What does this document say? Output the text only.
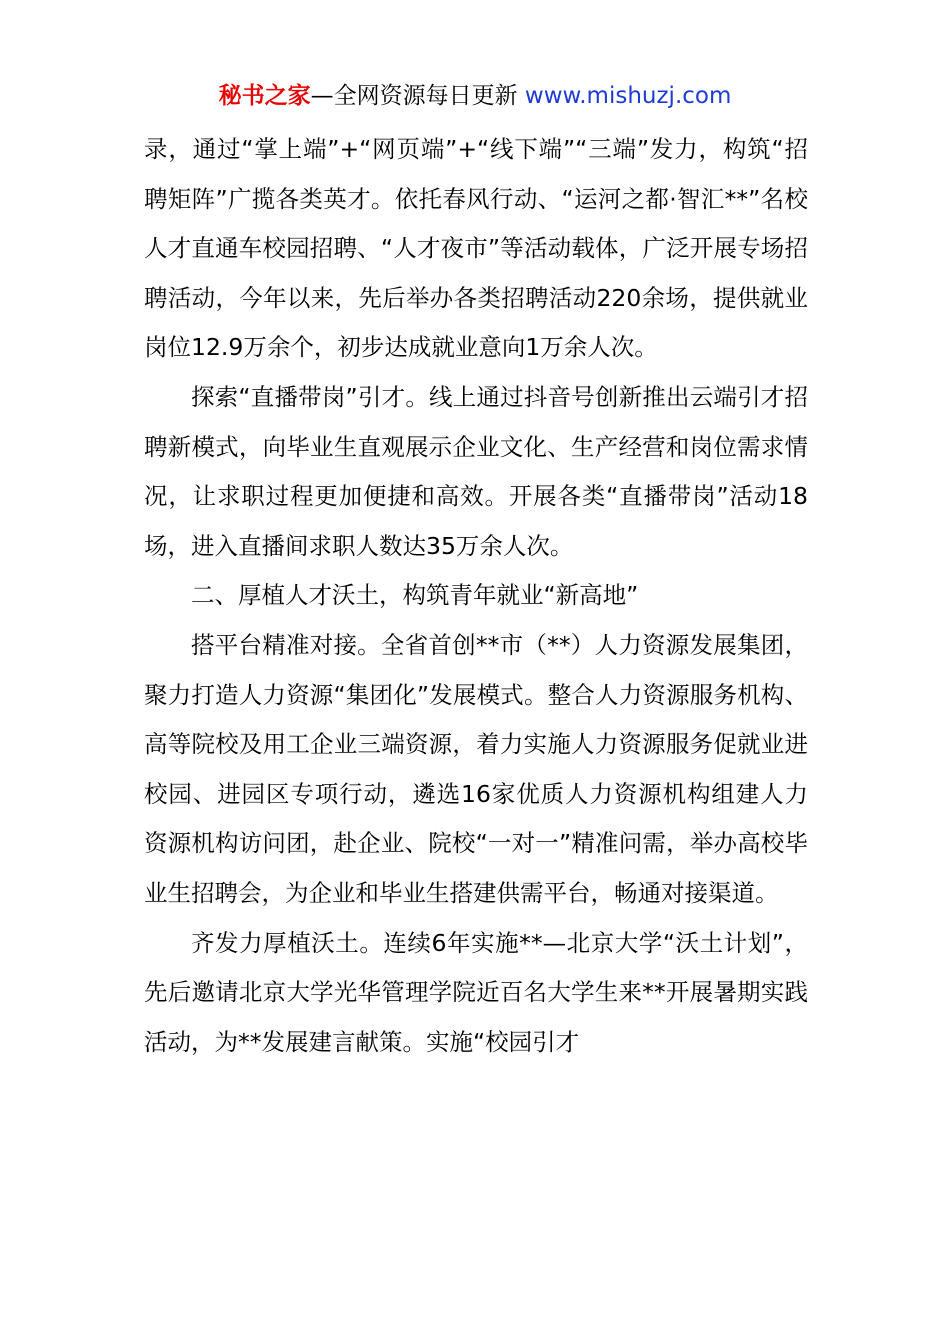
秘书之家—全网资源每日更新 www.mishuzj.com

录，通过“掌上端”+“网页端”+“线下端”“三端”发力，构筑“招聘矩阵”广揽各类英才。依托春风行动、“运河之都·智汇**”名校人才直通车校园招聘、“人才夜市”等活动载体，广泛开展专场招聘活动，今年以来，先后举办各类招聘活动220余场，提供就业岗位12.9万余个，初步达成就业意向1万余人次。

探索“直播带岗”引才。线上通过抖音号创新推出云端引才招聘新模式，向毕业生直观展示企业文化、生产经营和岗位需求情况，让求职过程更加便捷和高效。开展各类“直播带岗”活动18场，进入直播间求职人数达35万余人次。

二、厚植人才沃土，构筑青年就业“新高地”

搭平台精准对接。全省首创**市（**）人力资源发展集团，聚力打造人力资源“集团化”发展模式。整合人力资源服务机构、高等院校及用工企业三端资源，着力实施人力资源服务促就业进校园、进园区专项行动，遴选16家优质人力资源机构组建人力资源机构访问团，赴企业、院校“一对一”精准问需，举办高校毕业生招聘会，为企业和毕业生搭建供需平台，畅通对接渠道。

齐发力厚植沃土。连续6年实施**—北京大学“沃土计划”，先后邀请北京大学光华管理学院近百名大学生来**开展暑期实践活动，为**发展建言献策。实施“校园引才
